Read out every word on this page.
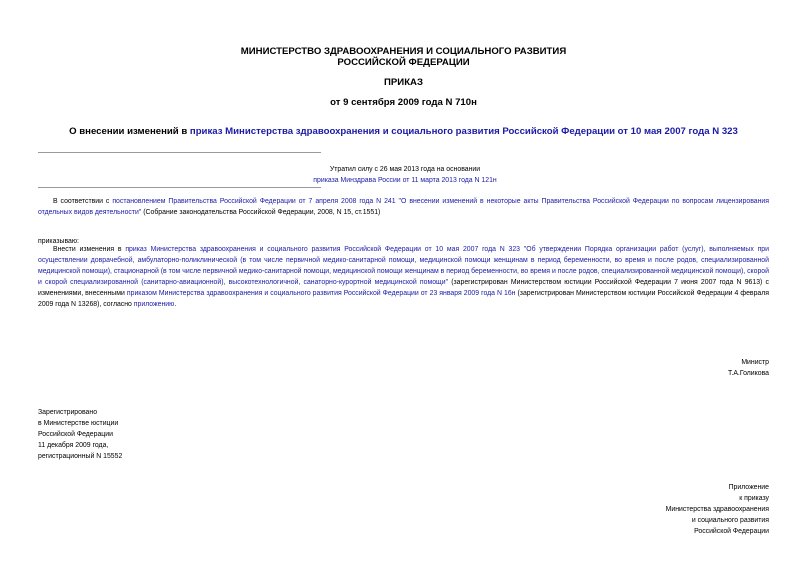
МИНИСТЕРСТВО ЗДРАВООХРАНЕНИЯ И СОЦИАЛЬНОГО РАЗВИТИЯ
РОССИЙСКОЙ ФЕДЕРАЦИИ
ПРИКАЗ
от 9 сентября 2009 года N 710н
О внесении изменений в приказ Министерства здравоохранения и социального развития Российской Федерации от 10 мая 2007 года N 323
Утратил силу с 26 мая 2013 года на основании
приказа Минздрава России от 11 марта 2013 года N 121н
В соответствии с постановлением Правительства Российской Федерации от 7 апреля 2008 года N 241 "О внесении изменений в некоторые акты Правительства Российской Федерации по вопросам лицензирования отдельных видов деятельности" (Собрание законодательства Российской Федерации, 2008, N 15, ст.1551)
приказываю:
Внести изменения в приказ Министерства здравоохранения и социального развития Российской Федерации от 10 мая 2007 года N 323 "Об утверждении Порядка организации работ (услуг), выполняемых при осуществлении доврачебной, амбулаторно-поликлинической (в том числе первичной медико-санитарной помощи, медицинской помощи женщинам в период беременности, во время и после родов, специализированной медицинской помощи), стационарной (в том числе первичной медико-санитарной помощи, медицинской помощи женщинам в период беременности, во время и после родов, специализированной медицинской помощи), скорой и скорой специализированной (санитарно-авиационной), высокотехнологичной, санаторно-курортной медицинской помощи" (зарегистрирован Министерством юстиции Российской Федерации 7 июня 2007 года N 9613) с изменениями, внесенными приказом Министерства здравоохранения и социального развития Российской Федерации от 23 января 2009 года N 16н (зарегистрирован Министерством юстиции Российской Федерации 4 февраля 2009 года N 13268), согласно приложению.
Министр
Т.А.Голикова
Зарегистрировано
в Министерстве юстиции
Российской Федерации
11 декабря 2009 года,
регистрационный N 15552
Приложение
к приказу
Министерства здравоохранения
и социального развития
Российской Федерации
